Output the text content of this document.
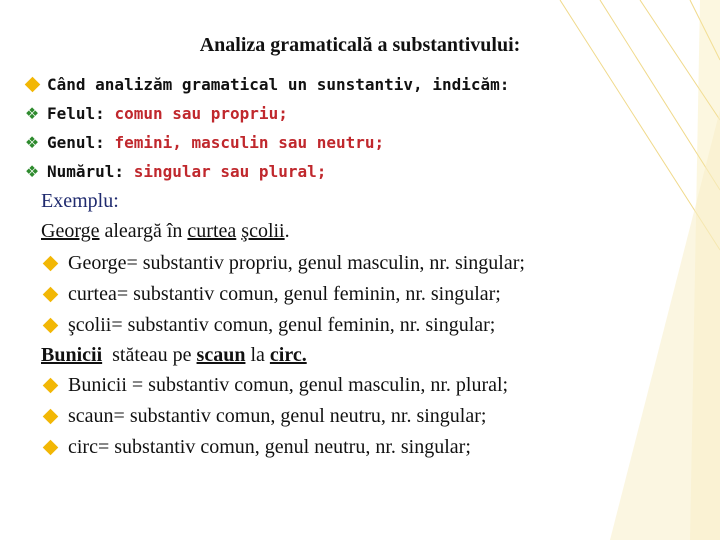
Analiza gramaticală a substantivului:
Când analizăm gramatical un sunstantiv, indicăm:
❖ Felul: comun sau propriu;
❖ Genul: femini, masculin sau neutru;
❖ Numărul: singular sau plural;
Exemplu:
George aleargă în curtea şcolii.
George= substantiv propriu, genul masculin, nr. singular;
curtea= substantiv comun, genul feminin, nr. singular;
şcolii= substantiv comun, genul feminin, nr. singular;
Bunicii  stăteau pe scaun la circ.
Bunicii = substantiv comun, genul masculin, nr. plural;
scaun= substantiv comun, genul neutru, nr. singular;
circ= substantiv comun, genul neutru, nr. singular;
